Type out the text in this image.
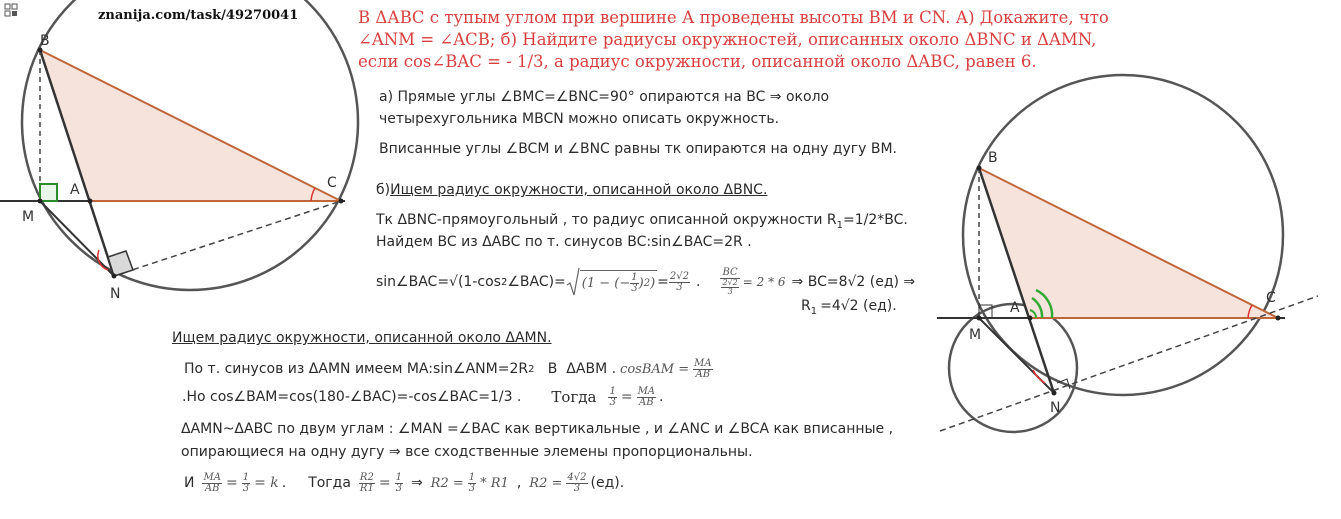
znanija.com/task/49270041
B
A	C
M
N
В ΔАВС с тупым углом при вершине А проведены высоты ВМ и СN. А) Докажите, что
∠ANM = ∠ACB; б) Найдите радиусы окружностей, описанных около ΔBNC и ΔAMN,
если cos∠BAC = - 1/3, а радиус окружности, описанной около ΔABC, равен 6.
а) Прямые углы ∠BMC=∠BNC=90° опираются на BC ⇒ около
четырехугольника MBCN можно описать окружность.
Вписанные углы ∠BCM и ∠BNC равны тк опираются на одну дугу BM.
б)Ищем радиус окружности, описанной около ΔBNC.
Тк ΔBNC-прямоугольный , то радиус описанной окружности $R_1=1/2*BC$.
Найдем BC из ΔABC по т. синусов BC:sin∠BAC=2R .
sin∠BAC=√(1-cos 2 ∠BAC)= (1 − (− $\frac{1}{3}$ ) 2 ) = $\frac{2√2}{3}$ . $\frac{BC}{\frac{2√2}{3}} = 2 * 6$ ⇒ BC=8√2 (ед) ⇒
$R_1 =4√2$ (ед).
B
A
C
M
N
Ищем радиус окружности, описанной около ΔAMN.
По т. синусов из ΔAMN имеем MA:sin∠ANM=2R 2 В  ΔABM . cosBAM = $\frac{MA}{AB}$
.Но cos∠BAM=cos(180-∠BAC)=-cos∠BAC=1/3 . Тогда $\frac{1}{3} = \frac{MA}{AB}$ .
ΔAMN~ΔABC по двум углам : ∠MAN =∠BAC как вертикальные , и ∠ANC и ∠BCA как вписанные ,
опирающиеся на одну дугу ⇒ все сходственные элемены пропорциональны.
И $\frac{MA}{AB} = \frac{1}{3} = k$ . Тогда $\frac{R2}{R1} = \frac{1}{3}$ ⇒ $R2 = \frac{1}{3} * R1$ , $R2 = \frac{4√2}{3} (ед)$.
